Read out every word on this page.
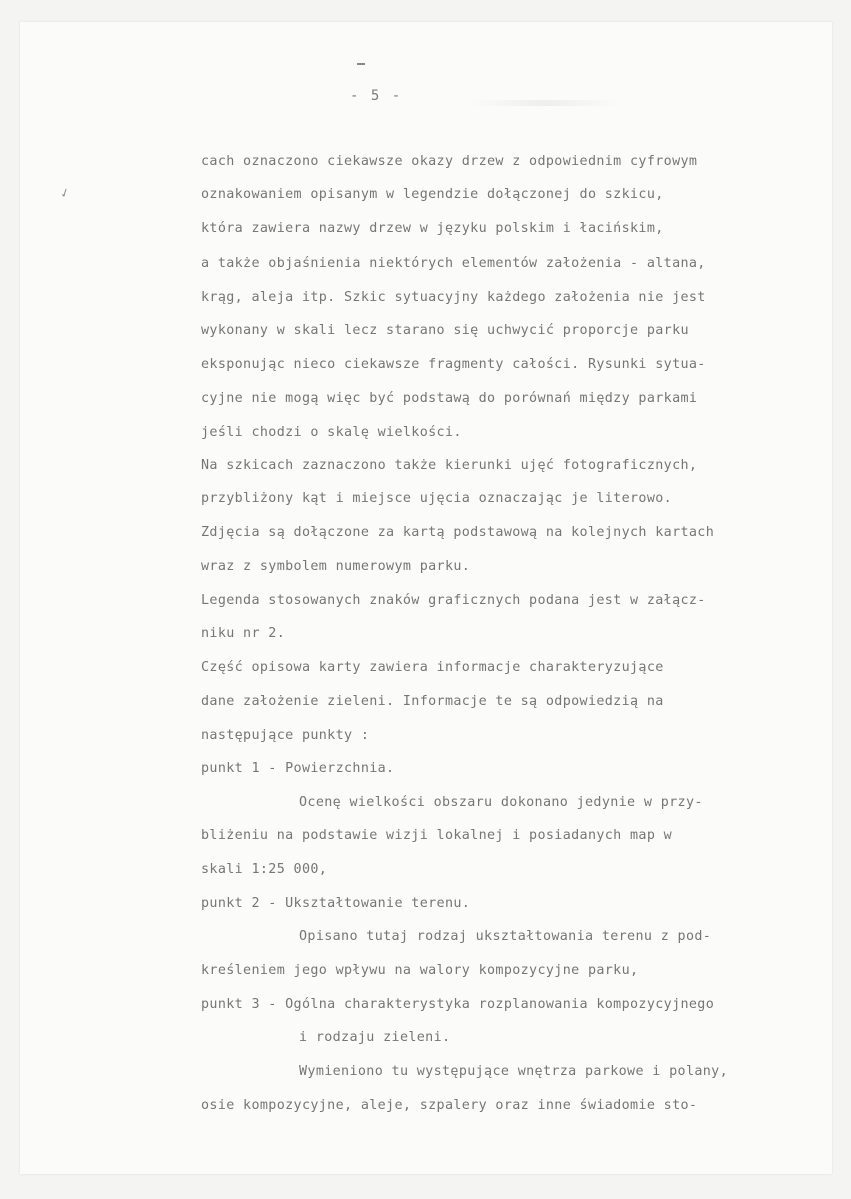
- 5 -
✓

cach oznaczono ciekawsze okazy drzew z odpowiednim cyfrowym

oznakowaniem opisanym w legendzie dołączonej do szkicu,

która zawiera nazwy drzew w języku polskim i łacińskim,

a także objaśnienia niektórych elementów założenia - altana,

krąg, aleja itp. Szkic sytuacyjny każdego założenia nie jest

wykonany w skali lecz starano się uchwycić proporcje parku

eksponując nieco ciekawsze fragmenty całości. Rysunki sytua-

cyjne nie mogą więc być podstawą do porównań między parkami

jeśli chodzi o skalę wielkości.

Na szkicach zaznaczono także kierunki ujęć fotograficznych,

przybliżony kąt i miejsce ujęcia oznaczając je literowo.

Zdjęcia są dołączone za kartą podstawową na kolejnych kartach

wraz z symbolem numerowym parku.

Legenda stosowanych znaków graficznych podana jest w załącz-

niku nr 2.

Część opisowa karty zawiera informacje charakteryzujące

dane założenie zieleni. Informacje te są odpowiedzią na

następujące punkty :

punkt 1 - Powierzchnia.

Ocenę wielkości obszaru dokonano jedynie w przy-

bliżeniu na podstawie wizji lokalnej i posiadanych map w

skali 1:25 000,

punkt 2 - Ukształtowanie terenu.

Opisano tutaj rodzaj ukształtowania terenu z pod-

kreśleniem jego wpływu na walory kompozycyjne parku,

punkt 3 - Ogólna charakterystyka rozplanowania kompozycyjnego

i rodzaju zieleni.

Wymieniono tu występujące wnętrza parkowe i polany,

osie kompozycyjne, aleje, szpalery oraz inne świadomie sto-
